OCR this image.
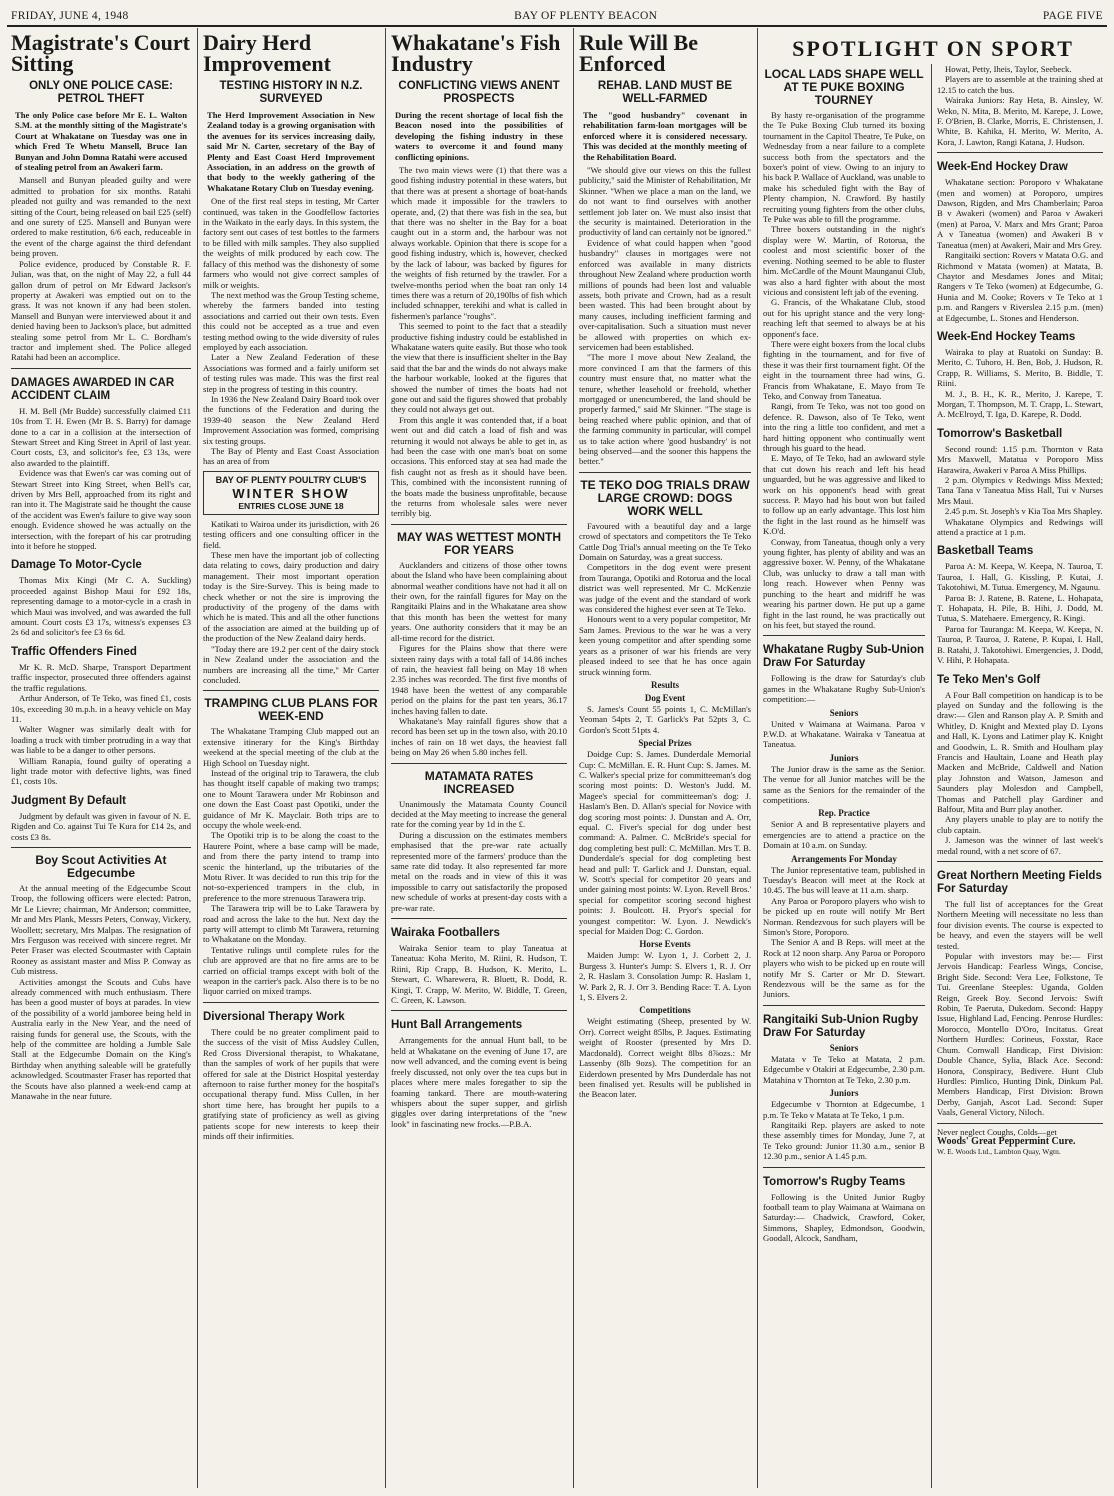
FRIDAY, JUNE 4, 1948	BAY OF PLENTY BEACON	PAGE FIVE
Magistrate's Court Sitting
ONLY ONE POLICE CASE: PETROL THEFT
The only Police case before Mr E. L. Walton S.M. at the monthly sitting of the Magistrate's Court at Whakatane on Tuesday was one in which Fred Te Whetu Mansell, Bruce Ian Bunyan and John Domna Ratahi were accused of stealing petrol from an Awakeri farm.

Mansell and Bunyan pleaded guilty and were admitted to probation for six months. Ratahi pleaded not guilty and was remanded to the next sitting of the Court, being released on bail £25 (self) and one surety of £25. Mansell and Bunyan were ordered to make restitution, 6/6 each, reduceable in the event of the charge against the third defendant being proven.

Police evidence, produced by Constable R. F. Julian, was that, on the night of May 22, a full 44 gallon drum of petrol on Mr Edward Jackson's property at Awakeri was emptied out on to the grass. It was not known if any had been stolen. Mansell and Bunyan were interviewed about it and denied having been to Jackson's place, but admitted stealing some petrol from Mr L. C. Bordham's tractor and implement shed. The Police alleged Ratahi had been an accomplice.

DAMAGES AWARDED IN CAR ACCIDENT CLAIM

H. M. Bell (Mr Budde) successfully claimed £11 10s from T. H. Ewen (Mr B. S. Barry) for damage done to a car in a collision at the intersection of Stewart Street and King Street in April of last year. Court costs, £3, and solicitor's fee, £3 13s, were also awarded to the plaintiff.

Evidence was that Ewen's car was coming out of Stewart Street into King Street, when Bell's car, driven by Mrs Bell, approached from its right and ran into it. The Magistrate said he thought the cause of the accident was Ewen's failure to give way soon enough. Evidence showed he was actually on the intersection, with the forepart of his car protruding into it before he stopped.

Damage To Motor-Cycle

Thomas Mix Kingi (Mr C. A. Suckling) proceeded against Bishop Maui for £92 18s, representing damage to a motor-cycle in a crash in which Maui was involved, and was awarded the full amount. Court costs £3 17s, witness's expenses £3 2s 6d and solicitor's fee £3 6s 6d.

Traffic Offenders Fined

Mr K. R. McD. Sharpe, Transport Department traffic inspector, prosecuted three offenders against the traffic regulations.

Arthur Anderson, of Te Teko, was fined £1, costs 10s, exceeding 30 m.p.h. in a heavy vehicle on May 11.

Walter Wagner was similarly dealt with for loading a truck with timber protruding in a way that was liable to be a danger to other persons.

William Ranapia, found guilty of operating a light trade motor with defective lights, was fined £1, costs 10s.

Judgment By Default

Judgment by default was given in favour of N. E. Rigden and Co. against Tui Te Kura for £14 2s, and costs £3 8s.

Boy Scout Activities At Edgecumbe

At the annual meeting of the Edgecumbe Scout Troop, the following officers were elected: Patron, Mr Le Lievre; chairman, Mr Anderson; committee, Mr and Mrs Plank, Messrs Peters, Conway, Vickery, Woollett; secretary, Mrs Malpas. The resignation of Mrs Ferguson was received with sincere regret. Mr Peter Fraser was elected Scoutmaster with Captain Rooney as assistant master and Miss P. Conway as Cub mistress.

Activities amongst the Scouts and Cubs have already commenced with much enthusiasm. There has been a good muster of boys at parades. In view of the possibility of a world jamboree being held in Australia early in the New Year, and the need of raising funds for general use, the Scouts, with the help of the committee are holding a Jumble Sale Stall at the Edgecumbe Domain on the King's Birthday when anything saleable will be gratefully acknowledged. Scoutmaster Fraser has reported that the Scouts have also planned a week-end camp at Manawahe in the near future.

Dairy Herd Improvement
TESTING HISTORY IN N.Z. SURVEYED
The Herd Improvement Association in New Zealand today is a growing organisation with the avenues for its services increasing daily, said Mr N. Carter, secretary of the Bay of Plenty and East Coast Herd Improvement Association, in an address on the growth of that body to the weekly gathering of the Whakatane Rotary Club on Tuesday evening.

One of the first real steps in testing, Mr Carter continued, was taken in the Goodfellow factories in the Waikato in the early days. In this system, the factory sent out cases of test bottles to the farmers to be filled with milk samples. They also supplied the weights of milk produced by each cow. The fallacy of this method was the dishonesty of some farmers who would not give correct samples of milk or weights.

The next method was the Group Testing scheme, whereby the farmers banded into testing associations and carried out their own tests. Even this could not be accepted as a true and even testing method owing to the wide diversity of rules employed by each association.

Later a New Zealand Federation of these Associations was formed and a fairly uniform set of testing rules was made. This was the first real step in the progress of testing in this country.

In 1936 the New Zealand Dairy Board took over the functions of the Federation and during the 1939-40 season the New Zealand Herd Improvement Association was formed, comprising six testing groups.

The Bay of Plenty and East Coast Association has an area of from

BAY OF PLENTY POULTRY CLUB'S
WINTER SHOW
ENTRIES CLOSE JUNE 18

Katikati to Wairoa under its jurisdiction, with 26 testing officers and one consulting officer in the field.

These men have the important job of collecting data relating to cows, dairy production and dairy management. Their most important operation today is the Sire-Survey. This is being made to check whether or not the sire is improving the productivity of the progeny of the dams with which he is mated. This and all the other functions of the association are aimed at the building up of the production of the New Zealand dairy herds.

"Today there are 19.2 per cent of the dairy stock in New Zealand under the association and the numbers are increasing all the time," Mr Carter concluded.

TRAMPING CLUB PLANS FOR WEEK-END

The Whakatane Tramping Club mapped out an extensive itinerary for the King's Birthday weekend at the special meeting of the club at the High School on Tuesday night.

Instead of the original trip to Tarawera, the club has thought itself capable of making two tramps; one to Mount Tarawera under Mr Robinson and one down the East Coast past Opotiki, under the guidance of Mr K. Mayclair. Both trips are to occupy the whole week-end.

The Opotiki trip is to be along the coast to the Haurere Point, where a base camp will be made, and from there the party intend to tramp into scenic the hinterland, up the tributaries of the Motu River. It was decided to run this trip for the not-so-experienced trampers in the club, in preference to the more strenuous Tarawera trip.

The Tarawera trip will be to Lake Tarawera by road and across the lake to the hut. Next day the party will attempt to climb Mt Tarawera, returning to Whakatane on the Monday.

Tentative rulings until complete rules for the club are approved are that no fire arms are to be carried on official tramps except with bolt of the weapon in the carrier's pack. Also there is to be no liquor carried on mixed tramps.

Diversional Therapy Work

There could be no greater compliment paid to the success of the visit of Miss Audsley Cullen, Red Cross Diversional therapist, to Whakatane, than the samples of work of her pupils that were offered for sale at the District Hospital yesterday afternoon to raise further money for the hospital's occupational therapy fund. Miss Cullen, in her short time here, has brought her pupils to a gratifying state of proficiency as well as giving patients scope for new interests to keep their minds off their infirmities.

Whakatane's Fish Industry
CONFLICTING VIEWS ANENT PROSPECTS
During the recent shortage of local fish the Beacon nosed into the possibilities of developing the fishing industry in these waters to overcome it and found many conflicting opinions.

The two main views were (1) that there was a good fishing industry potential in these waters, but that there was at present a shortage of boat-hands which made it impossible for the trawlers to operate, and, (2) that there was fish in the sea, but that there was no shelter in the Bay for a boat caught out in a storm and, the harbour was not always workable. Opinion that there is scope for a good fishing industry, which is, however, checked by the lack of labour, was backed by figures for the weights of fish returned by the trawler. For a twelve-months period when the boat ran only 14 times there was a return of 20,190lbs of fish which included schnapper, terekihi and what is called in fishermen's parlance "roughs".

This seemed to point to the fact that a steadily productive fishing industry could be established in Whakatane waters quite easily. But those who took the view that there is insufficient shelter in the Bay said that the bar and the winds do not always make the harbour workable, looked at the figures that showed the number of times the boats had not gone out and said the figures showed that probably they could not always get out.

From this angle it was contended that, if a boat went out and did catch a load of fish and was returning it would not always be able to get in, as had been the case with one man's boat on some occasions. This enforced stay at sea had made the fish caught not as fresh as it should have been. This, combined with the inconsistent running of the boats made the business unprofitable, because the returns from wholesale sales were never terribly big.

MAY WAS WETTEST MONTH FOR YEARS

Aucklanders and citizens of those other towns about the Island who have been complaining about abnormal weather conditions have not had it all on their own, for the rainfall figures for May on the Rangitaiki Plains and in the Whakatane area show that this month has been the wettest for many years. One authority considers that it may be an all-time record for the district.

Figures for the Plains show that there were sixteen rainy days with a total fall of 14.86 inches of rain, the heaviest fall being on May 18 when 2.35 inches was recorded. The first five months of 1948 have been the wettest of any comparable period on the plains for the past ten years, 36.17 inches having fallen to date.

Whakatane's May rainfall figures show that a record has been set up in the town also, with 20.10 inches of rain on 18 wet days, the heaviest fall being on May 26 when 5.80 inches fell.

MATAMATA RATES INCREASED

Unanimously the Matamata County Council decided at the May meeting to increase the general rate for the coming year by 1d in the £.

During a discussion on the estimates members emphasised that the pre-war rate actually represented more of the farmers' produce than the same rate did today. It also represented far more metal on the roads and in view of this it was impossible to carry out satisfactorily the proposed new schedule of works at present-day costs with a pre-war rate.

Wairaka Footballers

Wairaka Senior team to play Taneatua at Taneatua: Koha Merito, M. Riini, R. Hudson, T. Riini, Rip Crapp, B. Hudson, K. Merito, L. Stewart, C. Wharewera, R. Bluett, R. Dodd, R. Kingi, T. Crapp, W. Merito, W. Biddle, T. Green, C. Green, K. Lawson.

Hunt Ball Arrangements

Arrangements for the annual Hunt ball, to be held at Whakatane on the evening of June 17, are now well advanced, and the coming event is being freely discussed, not only over the tea cups but in places where mere males foregather to sip the foaming tankard. There are mouth-watering whispers about the super supper, and girlish giggles over daring interpretations of the "new look" in fascinating new frocks.—P.B.A.

Rule Will Be Enforced
REHAB. LAND MUST BE WELL-FARMED
The "good husbandry" covenant in rehabilitation farm-loan mortgages will be enforced where it is considered necessary. This was decided at the monthly meeting of the Rehabilitation Board.

"We should give our views on this the fullest publicity," said the Minister of Rehabilitation, Mr Skinner. "When we place a man on the land, we do not want to find ourselves with another settlement job later on. We must also insist that the security is maintained. Deterioration in the productivity of land can certainly not be ignored."

Evidence of what could happen when "good husbandry" clauses in mortgages were not enforced was available in many districts throughout New Zealand where production worth millions of pounds had been lost and valuable assets, both private and Crown, had as a result been wasted. This had been brought about by many causes, including inefficient farming and over-capitalisation. Such a situation must never be allowed with properties on which ex-servicemen had been established.

"The more I move about New Zealand, the more convinced I am that the farmers of this country must ensure that, no matter what the tenure, whether leasehold or freehold, whether mortgaged or unencumbered, the land should be properly farmed," said Mr Skinner. "The stage is being reached where public opinion, and that of the farming community in particular, will compel us to take action where 'good husbandry' is not being observed—and the sooner this happens the better."

TE TEKO DOG TRIALS DRAW LARGE CROWD: DOGS WORK WELL

Favoured with a beautiful day and a large crowd of spectators and competitors the Te Teko Cattle Dog Trial's annual meeting on the Te Teko Domain on Saturday, was a great success.

Competitors in the dog event were present from Tauranga, Opotiki and Rotorua and the local district was well represented. Mr C. McKenzie was judge of the event and the standard of work was considered the highest ever seen at Te Teko.

Honours went to a very popular competitor, Mr Sam James. Previous to the war he was a very keen young competitor and after spending some years as a prisoner of war his friends are very pleased indeed to see that he has once again struck winning form.

Results
Dog Event

S. James's Count 55 points 1, C. McMillan's Yeoman 54pts 2, T. Garlick's Pat 52pts 3, C. Gordon's Scott 51pts 4.

Special Prizes

Doidge Cup: S. James. Dunderdale Memorial Cup: C. McMillan. E. R. Hunt Cup: S. James. M. C. Walker's special prize for committeeman's dog scoring most points: D. Weston's Judd. M. Magee's special for committeeman's dog: J. Haslam's Ben. D. Allan's special for Novice with dog scoring most points: J. Dunstan and A. Orr, equal. C. Fiver's special for dog under best command: A. Palmer. C. McBride's special for dog completing best pull: C. McMillan. Mrs T. B. Dunderdale's special for dog completing best head and pull: T. Garlick and J. Dunstan, equal. W. Scott's special for competitor 20 years and under gaining most points: W. Lyon. Revell Bros.' special for competitor scoring second highest points: J. Boulcott. H. Pryor's special for youngest competitor: W. Lyon. J. Newdick's special for Maiden Dog: C. Gordon.

Horse Events

Maiden Jump: W. Lyon 1, J. Corbett 2, J. Burgess 3. Hunter's Jump: S. Elvers 1, R. J. Orr 2, R. Haslam 3. Consolation Jump: R. Haslam 1, W. Park 2, R. J. Orr 3. Bending Race: T. A. Lyon 1, S. Elvers 2.

Competitions

Weight estimating (Sheep, presented by W. Orr). Correct weight 85lbs, P. Jaques. Estimating weight of Rooster (presented by Mrs D. Macdonald). Correct weight 8lbs 8⅞ozs.: Mr Lassenby (8lb 9ozs). The competition for an Eiderdown presented by Mrs Dunderdale has not been finalised yet. Results will be published in the Beacon later.

SPOTLIGHT ON SPORT
LOCAL LADS SHAPE WELL AT TE PUKE BOXING TOURNEY

By hasty re-organisation of the programme the Te Puke Boxing Club turned its boxing tournament in the Capitol Theatre, Te Puke, on Wednesday from a near failure to a complete success both from the spectators and the boxer's point of view. Owing to an injury to his back P. Wallace of Auckland, was unable to make his scheduled fight with the Bay of Plenty champion, N. Crawford. By hastily recruiting young fighters from the other clubs, Te Puke was able to fill the programme.

Three boxers outstanding in the night's display were W. Martin, of Rotorua, the coolest and most scientific boxer of the evening. Nothing seemed to be able to fluster him. McCardle of the Mount Maunganui Club, was also a hard fighter with about the most vicious and consistent left jab of the evening.

G. Francis, of the Whakatane Club, stood out for his upright stance and the very long-reaching left that seemed to always be at his opponent's face.

There were eight boxers from the local clubs fighting in the tournament, and for five of these it was their first tournament fight. Of the eight in the tournament three had wins, G. Francis from Whakatane, E. Mayo from Te Teko, and Conway from Taneatua.

Rangi, from Te Teko, was not too good on defence. R. Dawson, also of Te Teko, went into the ring a little too confident, and met a hard hitting opponent who continually went through his guard to the head.

E. Mayo, of Te Teko, had an awkward style that cut down his reach and left his head unguarded, but he was aggressive and liked to work on his opponent's head with great success. P. Mayo had his bout won but failed to follow up an early advantage. This lost him the fight in the last round as he himself was K.O'd.

Conway, from Taneatua, though only a very young fighter, has plenty of ability and was an aggressive boxer. W. Penny, of the Whakatane Club, was unlucky to draw a tall man with long reach. However when Penny was punching to the heart and midriff he was wearing his partner down. He put up a game fight in the last round, he was practically out on his feet, but stayed the round.

Whakatane Rugby Sub-Union Draw For Saturday

Following is the draw for Saturday's club games in the Whakatane Rugby Sub-Union's competition:—

Seniors

United v Waimana at Waimana. Paroa v P.W.D. at Whakatane. Wairaka v Taneatua at Taneatua.

Juniors

The Junior draw is the same as the Senior. The venue for all Junior matches will be the same as the Seniors for the remainder of the competitions.

Rep. Practice

Senior A and B representative players and emergencies are to attend a practice on the Domain at 10 a.m. on Sunday.

Arrangements For Monday

The Junior representative team, published in Tuesday's Beacon will meet at the Rock at 10.45. The bus will leave at 11 a.m. sharp.

Any Paroa or Poroporo players who wish to be picked up en route will notify Mr Bert Norman. Rendezvous for such players will be Simon's Store, Poroporo.

The Senior A and B Reps. will meet at the Rock at 12 noon sharp. Any Paroa or Poroporo players who wish to be picked up en route will notify Mr S. Carter or Mr D. Stewart. Rendezvous will be the same as for the Juniors.

Rangitaiki Sub-Union Rugby Draw For Saturday
Seniors

Matata v Te Teko at Matata, 2 p.m. Edgecumbe v Otakiri at Edgecumbe, 2.30 p.m. Matahina v Thornton at Te Teko, 2.30 p.m.

Juniors

Edgecumbe v Thornton at Edgecumbe, 1 p.m. Te Teko v Matata at Te Teko, 1 p.m.

Rangitaiki Rep. players are asked to note these assembly times for Monday, June 7, at Te Teko ground: Junior 11.30 a.m., senior B 12.30 p.m., senior A 1.45 p.m.

Tomorrow's Rugby Teams

Following is the United Junior Rugby football team to play Waimana at Waimana on Saturday:— Chadwick, Crawford, Coker, Simmons, Shapley, Edmondson, Goodwin, Goodall, Alcock, Sandham,

Howat, Petty, Iheis, Taylor, Seebeck.

Players are to assemble at the training shed at 12.15 to catch the bus.

Wairaka Juniors: Ray Heta, B. Ainsley, W. Weko, N. Mita, B. Merito, M. Karepe, J. Lowe, F. O'Brien, B. Clarke, Morris, E. Christensen, J. White, B. Kahika, H. Merito, W. Merito, A. Kora, J. Lawton, Rangi Katana, J. Hudson.

Week-End Hockey Draw

Whakatane section: Poroporo v Whakatane (men and women) at Poroporo, umpires Dawson, Rigden, and Mrs Chamberlain; Paroa B v Awakeri (women) and Paroa v Awakeri (men) at Paroa, V. Marx and Mrs Grant; Paroa A v Taneatua (women) and Awakeri B v Taneatua (men) at Awakeri, Mair and Mrs Grey.

Rangitaiki section: Rovers v Matata O.G. and Richmond v Matata (women) at Matata, B. Chaytor and Mesdames Jones and Mitai; Rangers v Te Teko (women) at Edgecumbe, G. Hunia and M. Cooke; Rovers v Te Teko at 1 p.m. and Rangers v Riverslea 2.15 p.m. (men) at Edgecumbe, L. Stones and Henderson.

Week-End Hockey Teams

Wairaka to play at Ruatoki on Sunday: B. Merito, C. Tuhoro, H. Ben, Bob, J. Hudson, R. Crapp, R. Williams, S. Merito, B. Biddle, T. Riini.

M. J., B. H., K. R., Merito, J. Karepe, T. Morgan, T. Thompson, M. T. Crapp, L. Stewart, A. McElroyd, T. Iga, D. Karepe, R. Dodd.

Tomorrow's Basketball

Second round: 1.15 p.m. Thornton v Rata Mrs Maxwell, Matatua v Poroporo Miss Harawira, Awakeri v Paroa A Miss Phillips.

2 p.m. Olympics v Redwings Miss Mexted; Tana Tana v Taneatua Miss Hall, Tui v Nurses Mrs Maui.

2.45 p.m. St. Joseph's v Kia Toa Mrs Shapley.

Whakatane Olympics and Redwings will attend a practice at 1 p.m.

Basketball Teams

Paroa A: M. Keepa, W. Keepa, N. Tauroa, T. Tauroa, I. Hall, G. Kissling, P. Kutai, J. Takotohiwi, M. Tutua. Emergency, M. Ngaunu.

Paroa B: J. Ratene, B. Ratene, L. Hohapata, T. Hohapata, H. Pile, B. Hihi, J. Dodd, M. Tutua, S. Matehaere. Emergency, R. Kingi.

Paroa for Tauranga: M. Keepa, W. Keepa, N. Tauroa, P. Tauroa, J. Ratene, P. Kupai, I. Hall, B. Ratahi, J. Takotohiwi. Emergencies, J. Dodd, V. Hihi, P. Hohapata.

Te Teko Men's Golf

A Four Ball competition on handicap is to be played on Sunday and the following is the draw:— Glen and Ranson play A. P. Smith and Whitley, D. Knight and Mexted play D. Lyons and Hall, K. Lyons and Latimer play K. Knight and Goodwin, L. R. Smith and Houlham play Francis and Haultain, Loane and Heath play Macken and McBride, Caldwell and Nation play Johnston and Watson, Jameson and Saunders play Molesdon and Campbell, Thomas and Patchell play Gardiner and Balfour, Mita and Burr play another.

Any players unable to play are to notify the club captain.

J. Jameson was the winner of last week's medal round, with a net score of 67.

Great Northern Meeting Fields For Saturday

The full list of acceptances for the Great Northern Meeting will necessitate no less than four division events. The course is expected to be heavy, and even the stayers will be well tested.

Popular with investors may be:— First Jervois Handicap: Fearless Wings, Concise, Bright Side. Second: Vera Lee, Folkstone, Te Tui. Greenlane Steeples: Uganda, Golden Reign, Greek Boy. Second Jervois: Swift Robin, Te Paeruta, Dukedom. Second: Happy Issue, Highland Lad, Fencing. Penrose Hurdles: Morocco, Montello D'Oro, Incitatus. Great Northern Hurdles: Corineus, Foxstar, Race Chum. Cornwall Handicap, First Division: Double Chance, Sylia, Black Ace. Second: Honora, Conspiracy, Bedivere. Hunt Club Hurdles: Pimlico, Hunting Dink, Dinkum Pal. Members Handicap, First Division: Brown Derby, Ganjah, Ascot Lad. Second: Super Vaals, General Victory, Niloch.

Never neglect Coughs, Colds—get
Woods' Great Peppermint Cure.
W. E. Woods Ltd., Lambton Quay, Wgtn.
